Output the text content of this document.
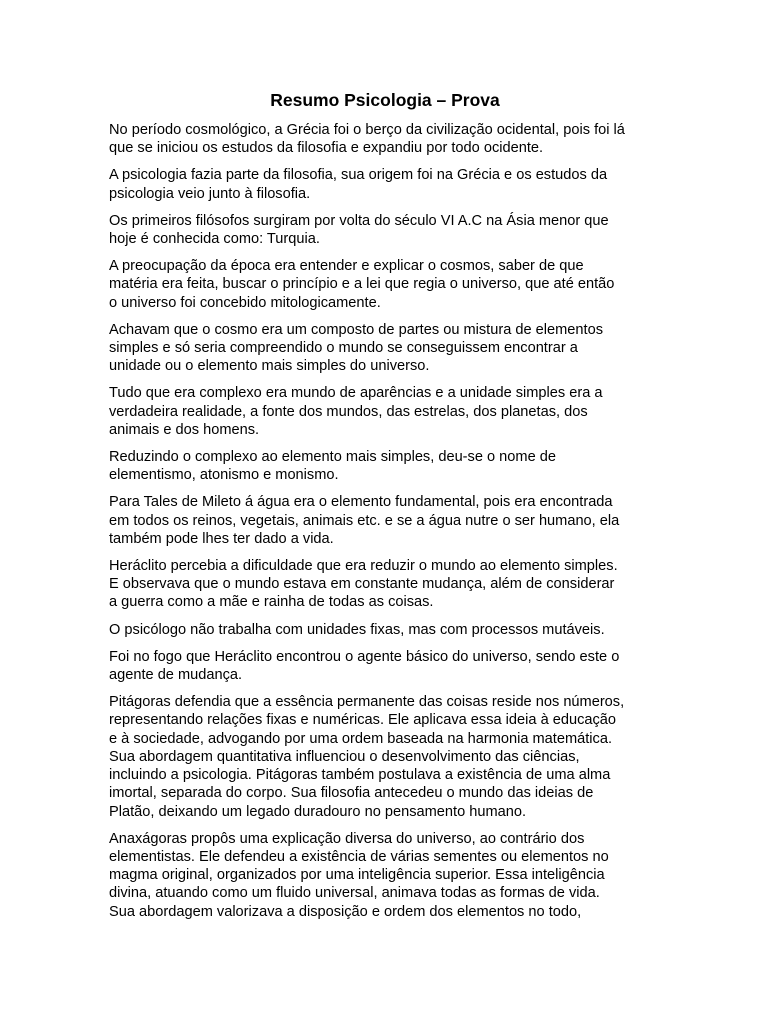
Resumo Psicologia – Prova

No período cosmológico, a Grécia foi o berço da civilização ocidental, pois foi lá
que se iniciou os estudos da filosofia e expandiu por todo ocidente.

A psicologia fazia parte da filosofia, sua origem foi na Grécia e os estudos da
psicologia veio junto à filosofia.

Os primeiros filósofos surgiram por volta do século VI A.C na Ásia menor que
hoje é conhecida como: Turquia.

A preocupação da época era entender e explicar o cosmos, saber de que
matéria era feita, buscar o princípio e a lei que regia o universo, que até então
o universo foi concebido mitologicamente.

Achavam que o cosmo era um composto de partes ou mistura de elementos
simples e só seria compreendido o mundo se conseguissem encontrar a
unidade ou o elemento mais simples do universo.

Tudo que era complexo era mundo de aparências e a unidade simples era a
verdadeira realidade, a fonte dos mundos, das estrelas, dos planetas, dos
animais e dos homens.

Reduzindo o complexo ao elemento mais simples, deu-se o nome de
elementismo, atonismo e monismo.

Para Tales de Mileto á água era o elemento fundamental, pois era encontrada
em todos os reinos, vegetais, animais etc. e se a água nutre o ser humano, ela
também pode lhes ter dado a vida.

Heráclito percebia a dificuldade que era reduzir o mundo ao elemento simples.
E observava que o mundo estava em constante mudança, além de considerar
a guerra como a mãe e rainha de todas as coisas.

O psicólogo não trabalha com unidades fixas, mas com processos mutáveis.

Foi no fogo que Heráclito encontrou o agente básico do universo, sendo este o
agente de mudança.

Pitágoras defendia que a essência permanente das coisas reside nos números,
representando relações fixas e numéricas. Ele aplicava essa ideia à educação
e à sociedade, advogando por uma ordem baseada na harmonia matemática.
Sua abordagem quantitativa influenciou o desenvolvimento das ciências,
incluindo a psicologia. Pitágoras também postulava a existência de uma alma
imortal, separada do corpo. Sua filosofia antecedeu o mundo das ideias de
Platão, deixando um legado duradouro no pensamento humano.

Anaxágoras propôs uma explicação diversa do universo, ao contrário dos
elementistas. Ele defendeu a existência de várias sementes ou elementos no
magma original, organizados por uma inteligência superior. Essa inteligência
divina, atuando como um fluido universal, animava todas as formas de vida.
Sua abordagem valorizava a disposição e ordem dos elementos no todo,
